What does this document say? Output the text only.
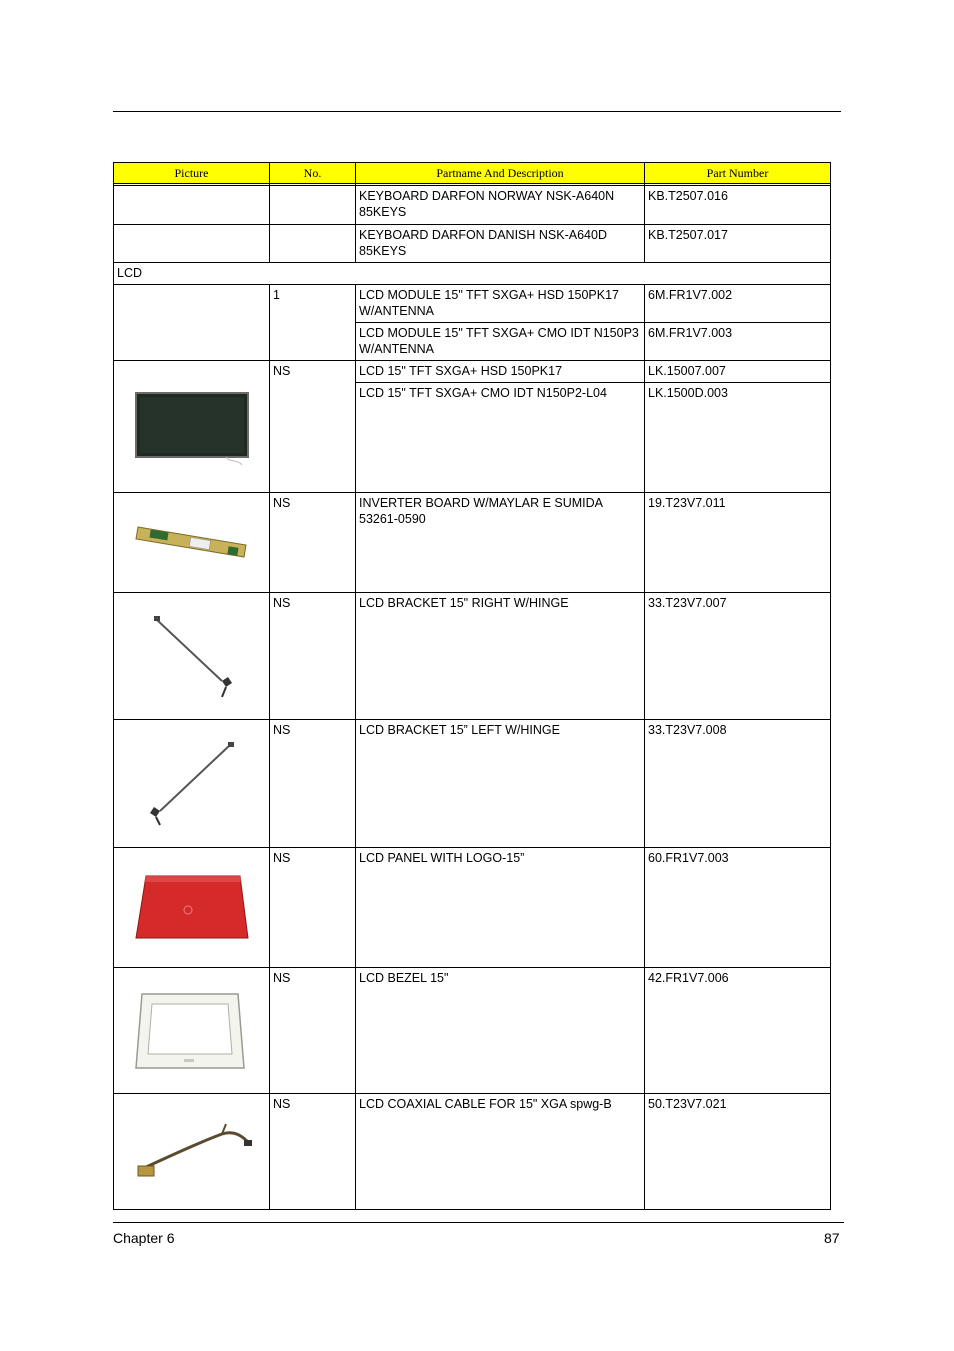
Picture	No.	Partname And Description	Part Number

		KEYBOARD DARFON NORWAY NSK-A640N 85KEYS	KB.T2507.016
		KEYBOARD DARFON DANISH NSK-A640D 85KEYS	KB.T2507.017
LCD			
	1	LCD MODULE 15" TFT SXGA+ HSD 150PK17 W/ANTENNA	6M.FR1V7.002
		LCD MODULE 15" TFT SXGA+ CMO IDT N150P3 W/ANTENNA	6M.FR1V7.003

	NS	LCD 15" TFT SXGA+ HSD 150PK17	LK.15007.007
		LCD 15" TFT SXGA+ CMO IDT N150P2-L04	LK.1500D.003

	NS	INVERTER BOARD W/MAYLAR E SUMIDA 53261-0590	19.T23V7.011

	NS	LCD BRACKET 15" RIGHT W/HINGE	33.T23V7.007

	NS	LCD BRACKET 15” LEFT W/HINGE	33.T23V7.008

	NS	LCD PANEL WITH LOGO-15”	60.FR1V7.003

	NS	LCD BEZEL 15"	42.FR1V7.006

	NS	LCD COAXIAL CABLE FOR 15" XGA spwg-B	50.T23V7.021
Chapter 6	87
